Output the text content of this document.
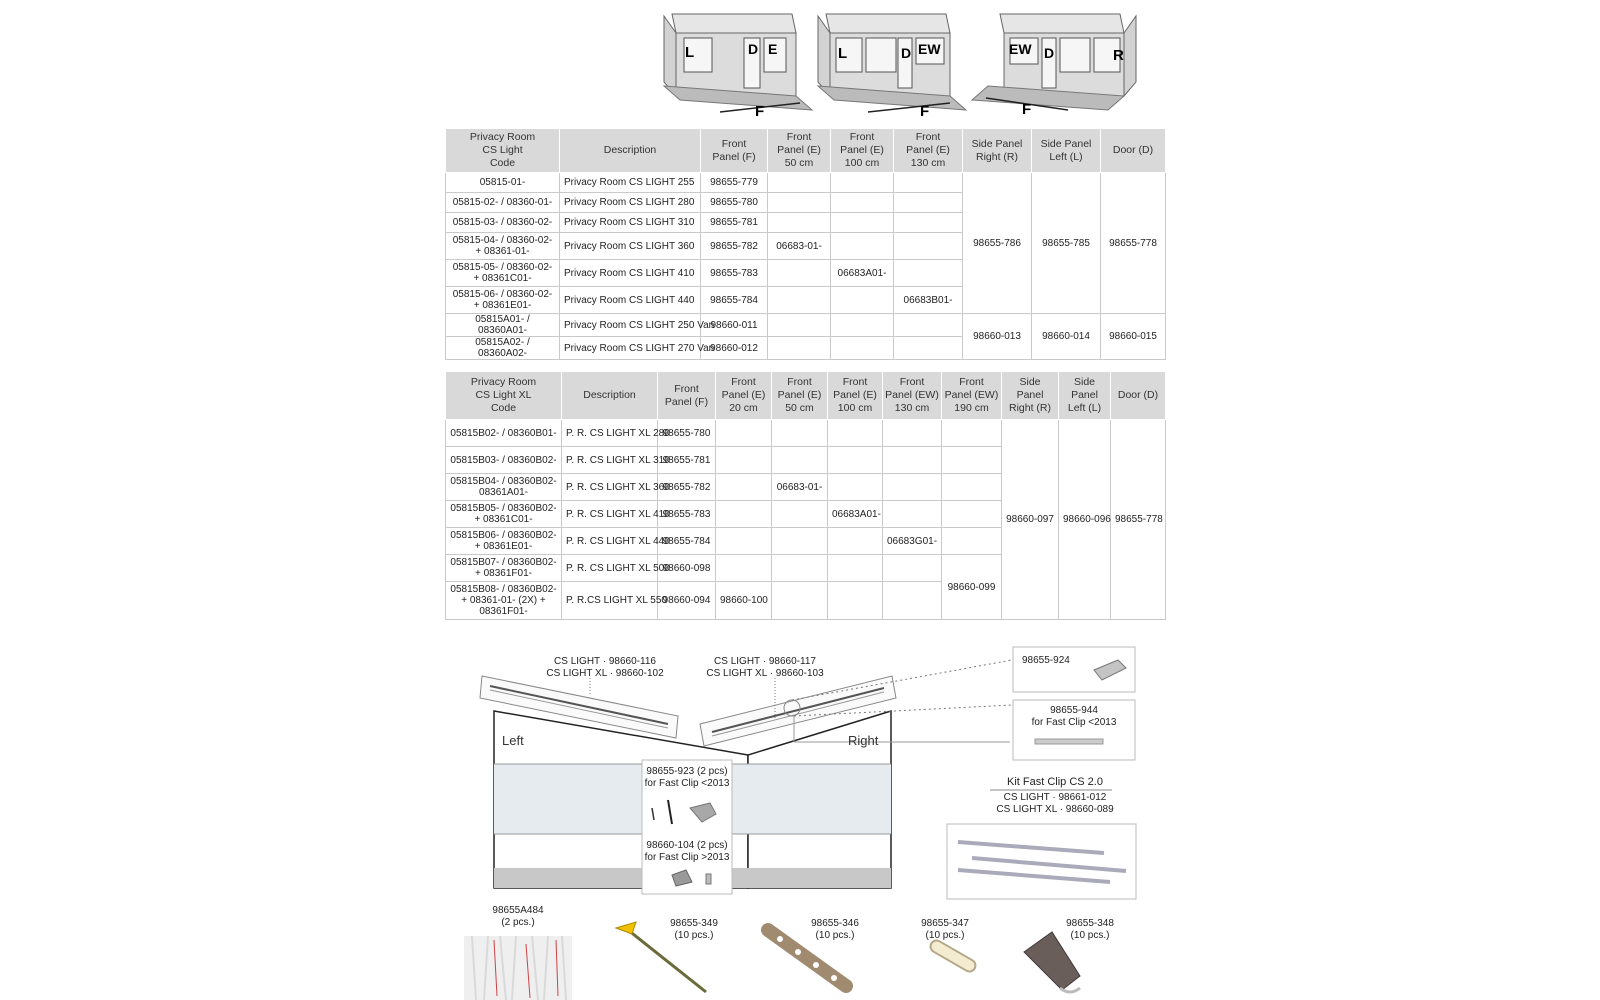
L	D E
F
L	D EW
F
EW D	R
F
Privacy Room
CS Light
Code	Description	Front
Panel (F)	Front
Panel (E)
50 cm	Front
Panel (E)
100 cm	Front
Panel (E)
130 cm	Side Panel
Right (R)	Side Panel
Left (L)	Door (D)
05815-01-	Privacy Room CS LIGHT 255	98655-779				98655-786	98655-785	98655-778
05815-02- / 08360-01-	Privacy Room CS LIGHT 280	98655-780						
05815-03- / 08360-02-	Privacy Room CS LIGHT 310	98655-781						
05815-04- / 08360-02- + 08361-01-	Privacy Room CS LIGHT 360	98655-782	06683-01-					
05815-05- / 08360-02- + 08361C01-	Privacy Room CS LIGHT 410	98655-783		06683A01-				
05815-06- / 08360-02- + 08361E01-	Privacy Room CS LIGHT 440	98655-784			06683B01-			
05815A01- / 08360A01-	Privacy Room CS LIGHT 250 Van	98660-011				98660-013	98660-014	98660-015
05815A02- / 08360A02-	Privacy Room CS LIGHT 270 Van	98660-012						
Privacy Room
CS Light XL
Code	Description	Front
Panel (F)	Front
Panel (E)
20 cm	Front
Panel (E)
50 cm	Front
Panel (E)
100 cm	Front
Panel (EW)
130 cm	Front
Panel (EW)
190 cm	Side
Panel
Right (R)	Side
Panel
Left (L)	Door (D)
05815B02- / 08360B01-	P. R. CS LIGHT XL 280	98655-780						98660-097	98660-096	98655-778
05815B03- / 08360B02-	P. R. CS LIGHT XL 310	98655-781								
05815B04- / 08360B02-08361A01-	P. R. CS LIGHT XL 360	98655-782		06683-01-						
05815B05- / 08360B02- + 08361C01-	P. R. CS LIGHT XL 410	98655-783			06683A01-					
05815B06- / 08360B02- + 08361E01-	P. R. CS LIGHT XL 440	98655-784				06683G01-				
05815B07- / 08360B02- + 08361F01-	P. R. CS LIGHT XL 500	98660-098					98660-099			
05815B08- / 08360B02- + 08361-01- (2X) + 08361F01-	P. R.CS LIGHT XL 550	98660-094	98660-100							
CS LIGHT · 98660-116
CS LIGHT XL · 98660-102
CS LIGHT · 98660-117
CS LIGHT XL · 98660-103
Left	Right
98655-924
98655-944
for Fast Clip <2013
98655-923 (2 pcs)
for Fast Clip <2013
98660-104 (2 pcs)
for Fast Clip >2013
Kit Fast Clip CS 2.0
CS LIGHT · 98661-012
CS LIGHT XL · 98660-089
98655A484
(2 pcs.)	98655-349
(10 pcs.)
98655-346
(10 pcs.)
98655-347
(10 pcs.)
98655-348
(10 pcs.)
